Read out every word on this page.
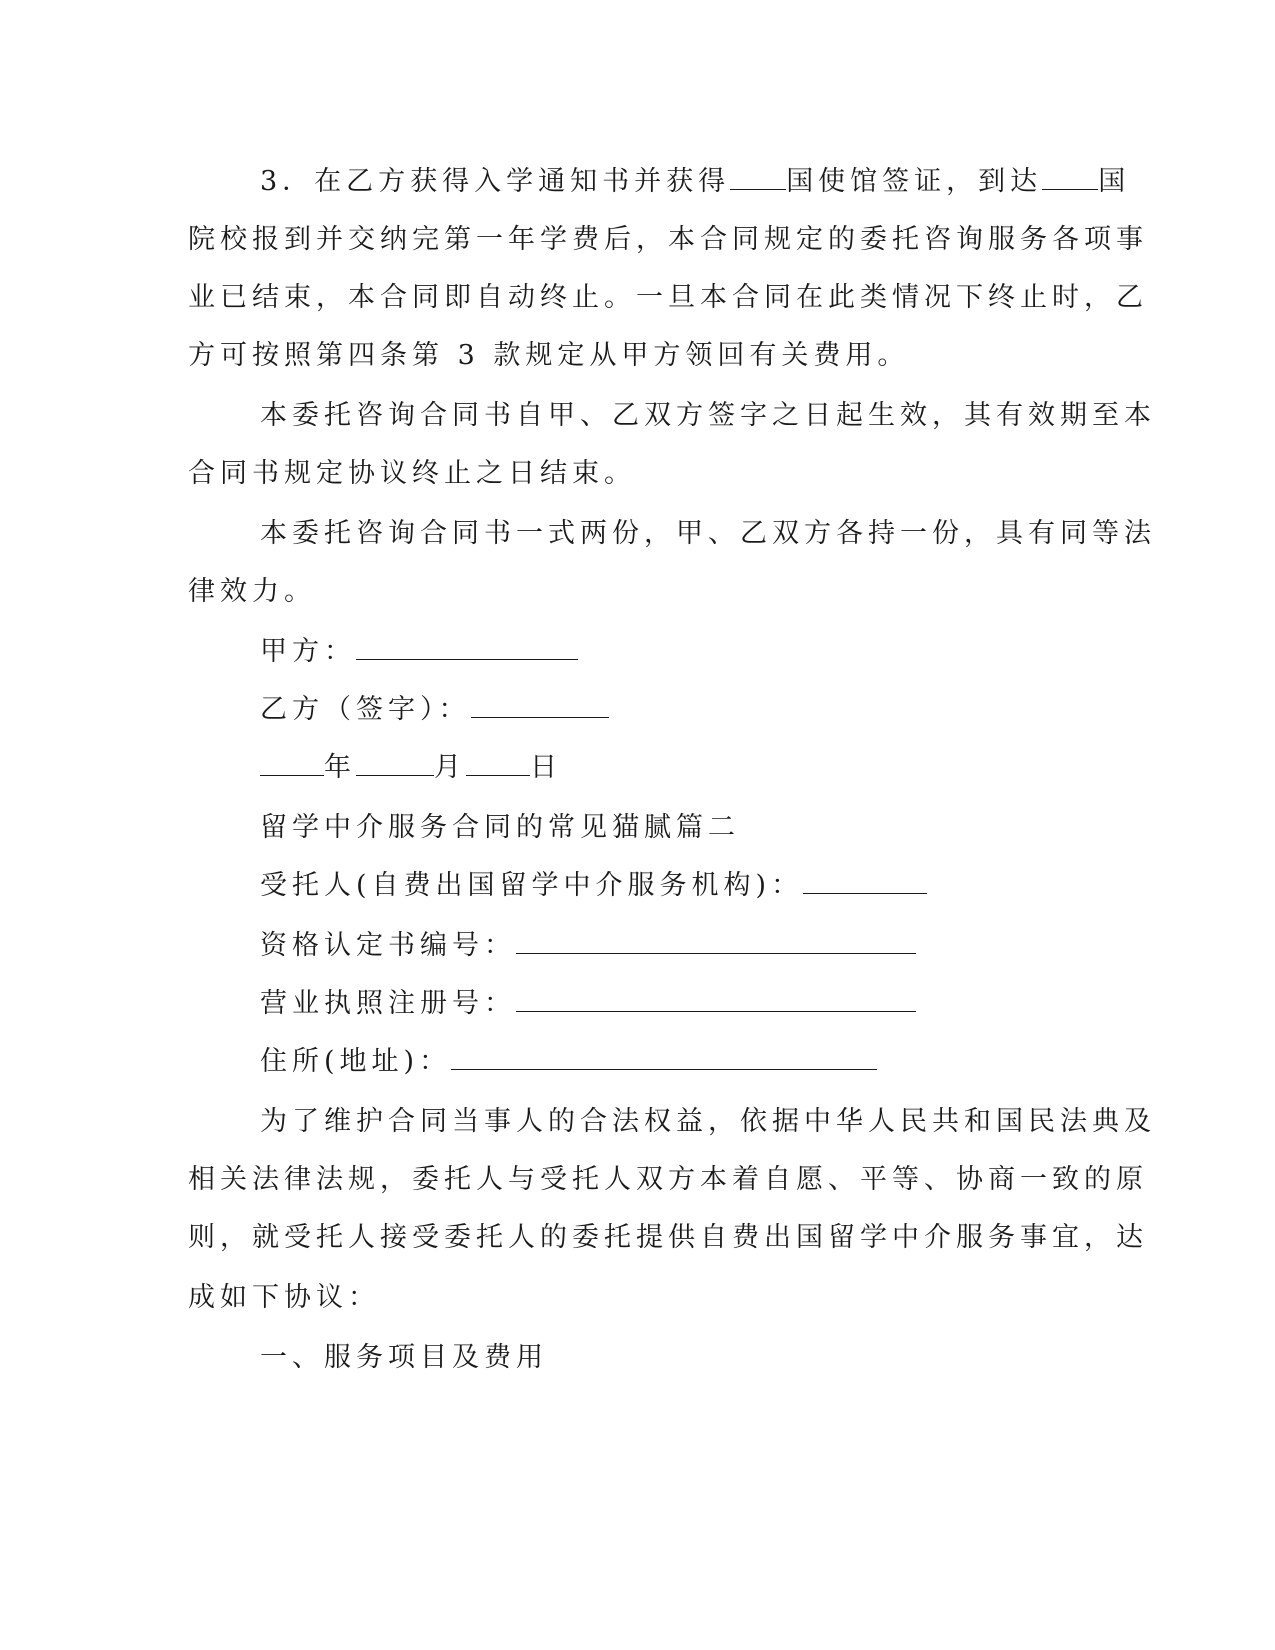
3．在乙方获得入学通知书并获得 国使馆签证，到达 国
院校报到并交纳完第一年学费后，本合同规定的委托咨询服务各项事
业已结束，本合同即自动终止。一旦本合同在此类情况下终止时，乙
方可按照第四条第 3 款规定从甲方领回有关费用。
本委托咨询合同书自甲、乙双方签字之日起生效，其有效期至本
合同书规定协议终止之日结束。
本委托咨询合同书一式两份，甲、乙双方各持一份，具有同等法
律效力。
甲方：
乙方（签字）：
年	月 日
留学中介服务合同的常见猫腻篇二
受托人(自费出国留学中介服务机构)：
资格认定书编号：
营业执照注册号：
住所(地址)：
为了维护合同当事人的合法权益，依据中华人民共和国民法典及
相关法律法规，委托人与受托人双方本着自愿、平等、协商一致的原
则，就受托人接受委托人的委托提供自费出国留学中介服务事宜，达
成如下协议：
一、服务项目及费用
